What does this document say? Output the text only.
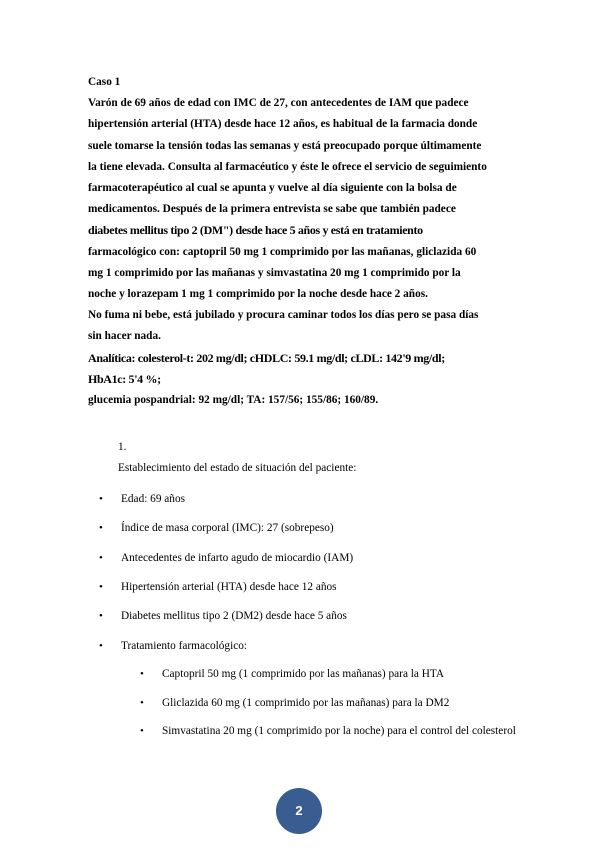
Caso 1

Varón de 69 años de edad con IMC de 27, con antecedentes de IAM que padece

hipertensión arterial (HTA) desde hace 12 años, es habitual de la farmacia donde

suele tomarse la tensión todas las semanas y está preocupado porque últimamente

la tiene elevada. Consulta al farmacéutico y éste le ofrece el servicio de seguimiento

farmacoterapéutico al cual se apunta y vuelve al día siguiente con la bolsa de

medicamentos. Después de la primera entrevista se sabe que también padece

diabetes mellitus tipo 2 (DM") desde hace 5 años y está en tratamiento

farmacológico con: captopril 50 mg 1 comprimido por las mañanas, gliclazida 60

mg 1 comprimido por las mañanas y simvastatina 20 mg 1 comprimido por la

noche y lorazepam 1 mg 1 comprimido por la noche desde hace 2 años.

No fuma ni bebe, está jubilado y procura caminar todos los días pero se pasa días

sin hacer nada.

Analítica: colesterol-t: 202 mg/dl; cHDLC: 59.1 mg/dl; cLDL: 142'9 mg/dl;

HbA1c: 5'4 %;

glucemia pospandrial: 92 mg/dl; TA: 157/56; 155/86; 160/89.

1.
Establecimiento del estado de situación del paciente:
• Edad: 69 años
• Índice de masa corporal (IMC): 27 (sobrepeso)
• Antecedentes de infarto agudo de miocardio (IAM)
• Hipertensión arterial (HTA) desde hace 12 años
• Diabetes mellitus tipo 2 (DM2) desde hace 5 años
• Tratamiento farmacológico:
• Captopril 50 mg (1 comprimido por las mañanas) para la HTA
• Gliclazida 60 mg (1 comprimido por las mañanas) para la DM2
• Simvastatina 20 mg (1 comprimido por la noche) para el control del colesterol
2
